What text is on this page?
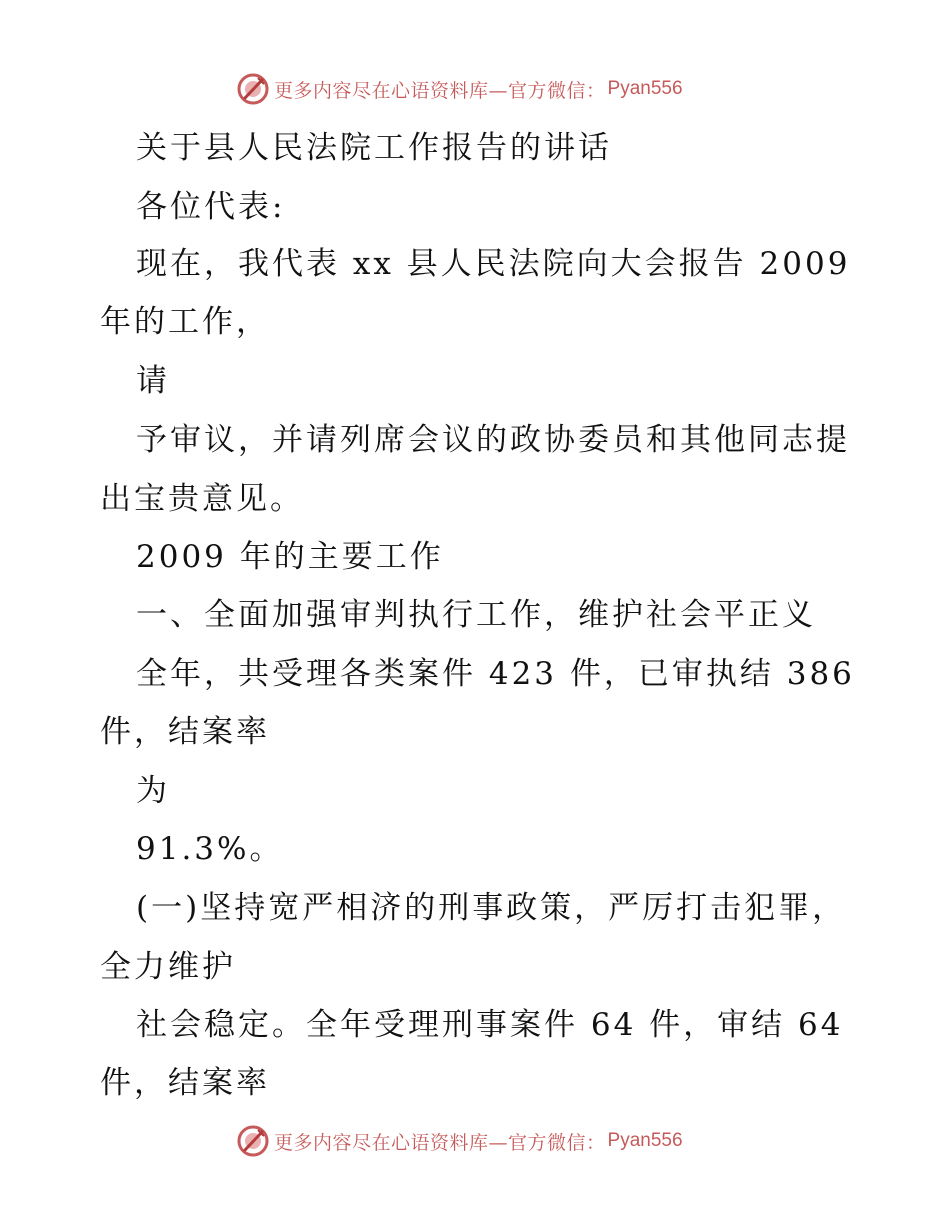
更多内容尽在心语资料库—官方微信： Pyan556
关于县人民法院工作报告的讲话
各位代表:
现在，我代表 xx 县人民法院向大会报告 2009
年的工作，
请
予审议，并请列席会议的政协委员和其他同志提
出宝贵意见。
2009 年的主要工作
一、全面加强审判执行工作，维护社会平正义
全年，共受理各类案件 423 件，已审执结 386
件，结案率
为
91.3%。
(一)坚持宽严相济的刑事政策，严厉打击犯罪，
全力维护
社会稳定。全年受理刑事案件 64 件，审结 64
件，结案率
更多内容尽在心语资料库—官方微信： Pyan556
